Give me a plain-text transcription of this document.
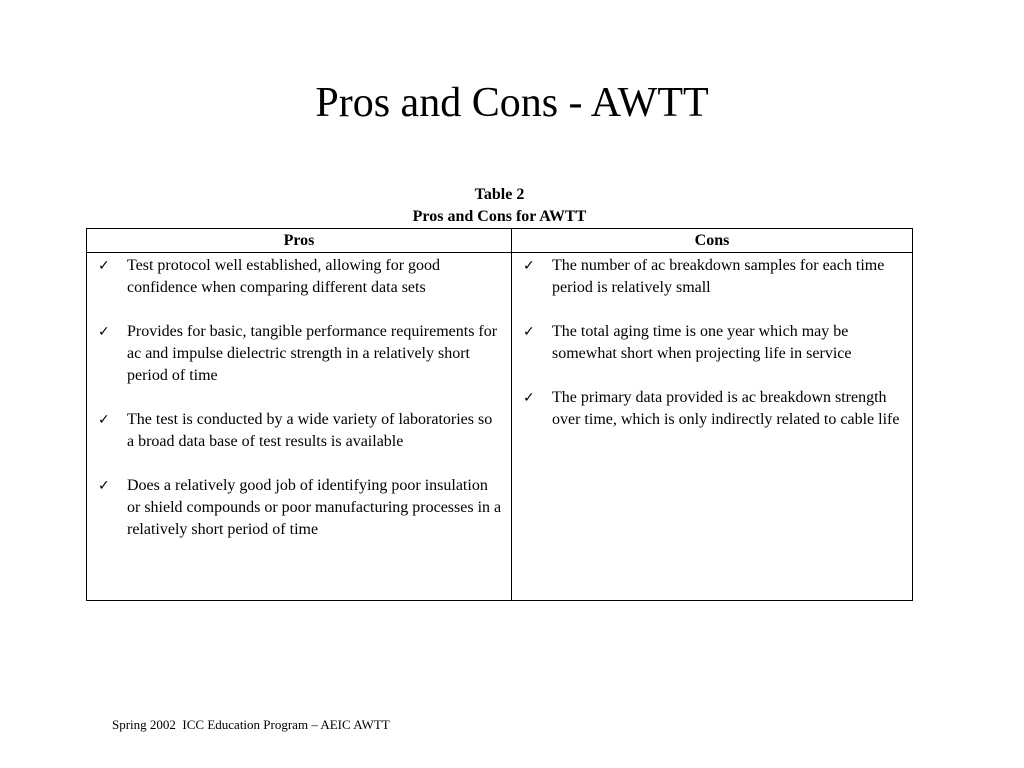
Pros and Cons - AWTT
Table 2
Pros and Cons for AWTT
Pros	Cons
✓ Test protocol well established, allowing for good confidence when comparing different data sets
✓ Provides for basic, tangible performance requirements for ac and impulse dielectric strength in a relatively short period of time
✓ The test is conducted by a wide variety of laboratories so a broad data base of test results is available
✓ Does a relatively good job of identifying poor insulation or shield compounds or poor manufacturing processes in a relatively short period of time
✓ The number of ac breakdown samples for each time period is relatively small
✓ The total aging time is one year which may be somewhat short when projecting life in service
✓ The primary data provided is ac breakdown strength over time, which is only indirectly related to cable life
Spring 2002  ICC Education Program – AEIC AWTT
